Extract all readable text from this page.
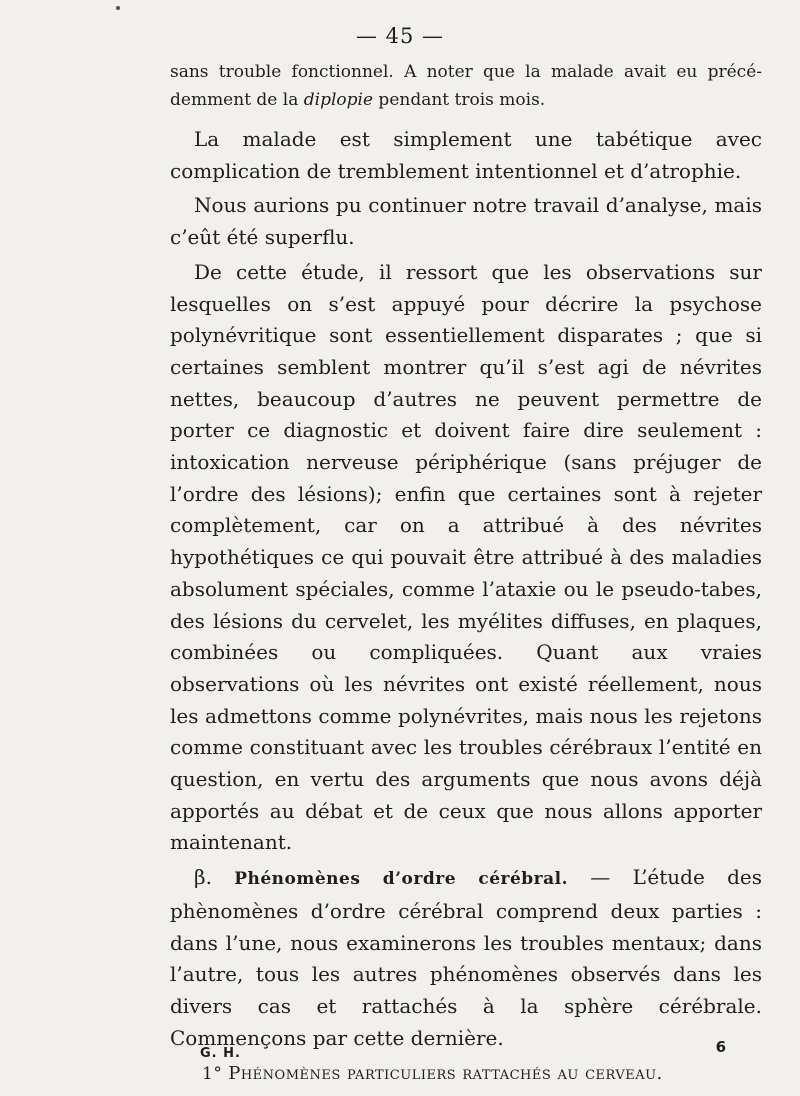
— 45 —

sans trouble fonctionnel. A noter que la malade avait eu précé-demment de la diplopie pendant trois mois.

La malade est simplement une tabétique avec complication de tremblement intentionnel et d’atrophie.

Nous aurions pu continuer notre travail d’analyse, mais c’eût été superflu.

De cette étude, il ressort que les observations sur lesquelles on s’est appuyé pour décrire la psychose polynévritique sont essentiellement disparates ; que si certaines semblent montrer qu’il s’est agi de névrites nettes, beaucoup d’autres ne peuvent permettre de porter ce diagnostic et doivent faire dire seulement : intoxication nerveuse périphérique (sans préjuger de l’ordre des lésions); enfin que certaines sont à rejeter complètement, car on a attribué à des névrites hypothétiques ce qui pouvait être attribué à des maladies absolument spéciales, comme l’ataxie ou le pseudo-tabes, des lésions du cervelet, les myélites diffuses, en plaques, combinées ou compliquées. Quant aux vraies observations où les névrites ont existé réellement, nous les admettons comme polynévrites, mais nous les rejetons comme constituant avec les troubles cérébraux l’entité en question, en vertu des arguments que nous avons déjà apportés au débat et de ceux que nous allons apporter maintenant.

β. Phénomènes d’ordre cérébral. — L’étude des phènomènes d’ordre cérébral comprend deux parties : dans l’une, nous examinerons les troubles mentaux; dans l’autre, tous les autres phénomènes observés dans les divers cas et rattachés à la sphère cérébrale. Commençons par cette dernière.

1° Phénomènes particuliers rattachés au cerveau.
G. H.	6
